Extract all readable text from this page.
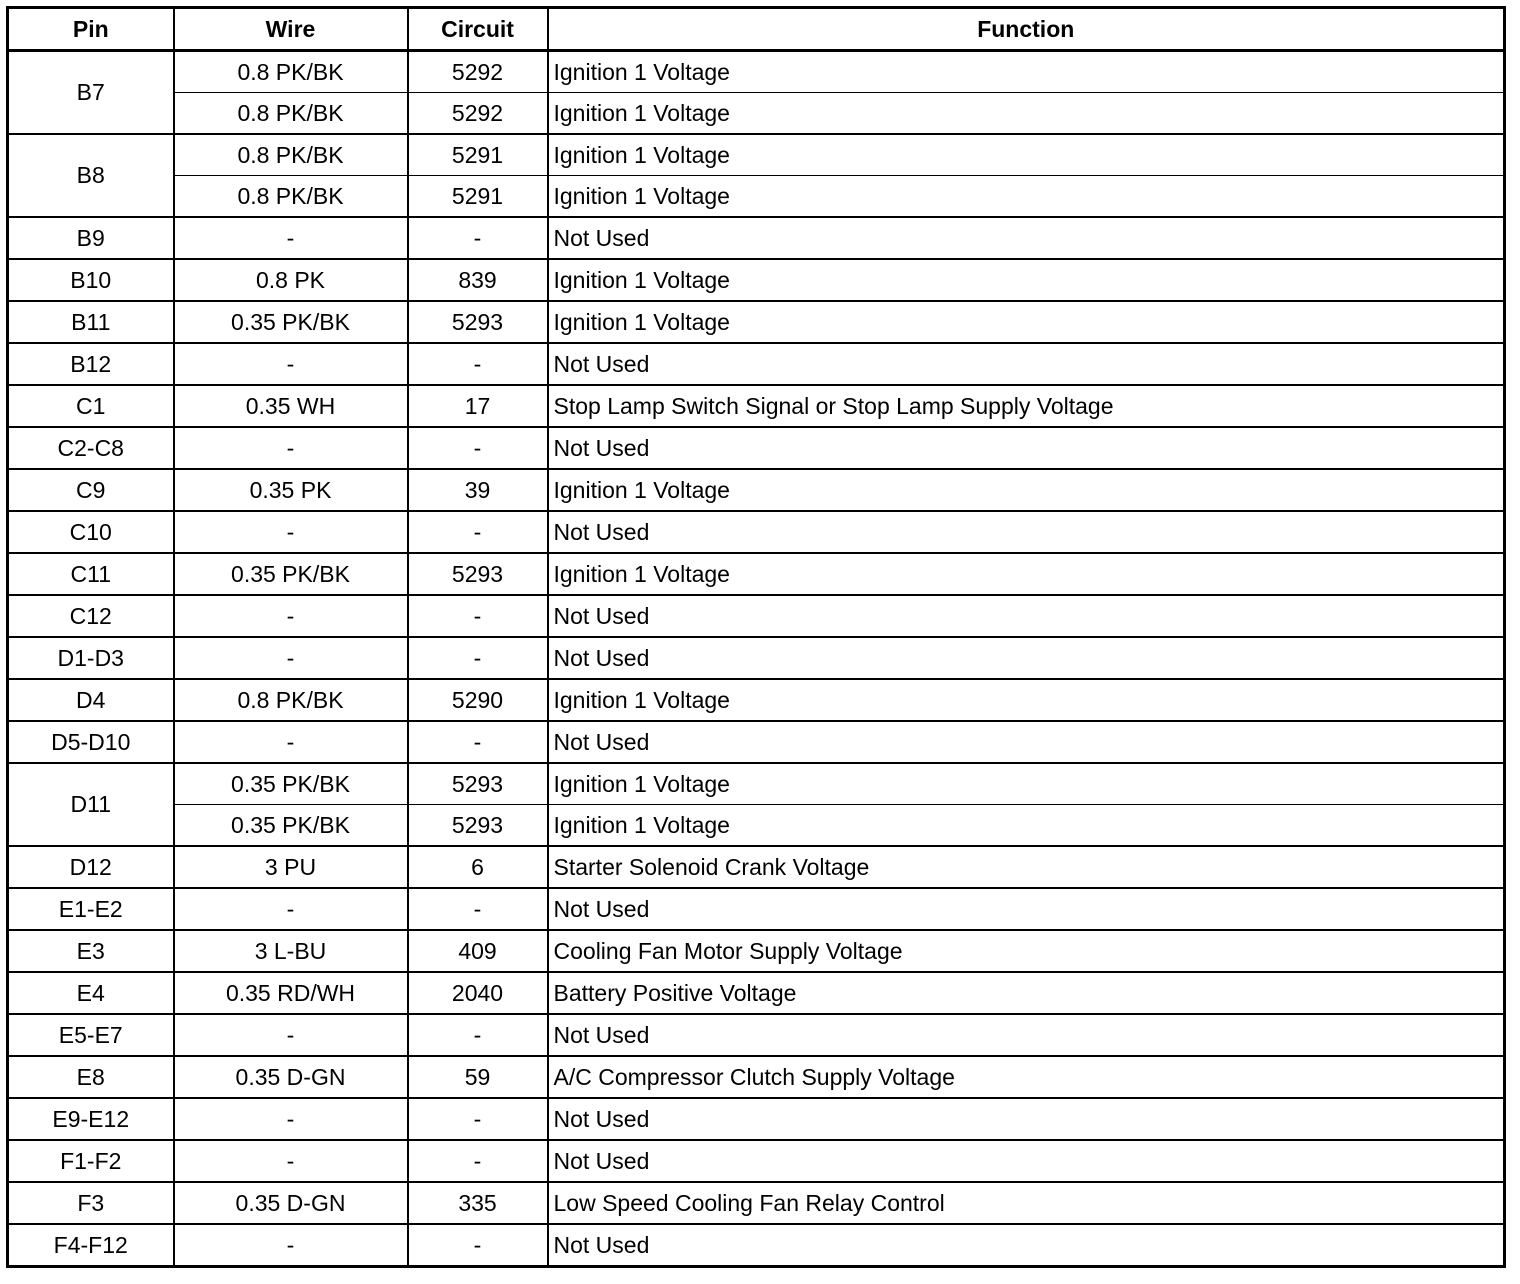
Pin	Wire	Circuit	Function
B7	0.8 PK/BK	5292	Ignition 1 Voltage
	0.8 PK/BK	5292	Ignition 1 Voltage
B8	0.8 PK/BK	5291	Ignition 1 Voltage
	0.8 PK/BK	5291	Ignition 1 Voltage
B9	-	-	Not Used
B10	0.8 PK	839	Ignition 1 Voltage
B11	0.35 PK/BK	5293	Ignition 1 Voltage
B12	-	-	Not Used
C1	0.35 WH	17	Stop Lamp Switch Signal or Stop Lamp Supply Voltage
C2-C8	-	-	Not Used
C9	0.35 PK	39	Ignition 1 Voltage
C10	-	-	Not Used
C11	0.35 PK/BK	5293	Ignition 1 Voltage
C12	-	-	Not Used
D1-D3	-	-	Not Used
D4	0.8 PK/BK	5290	Ignition 1 Voltage
D5-D10	-	-	Not Used
D11	0.35 PK/BK	5293	Ignition 1 Voltage
	0.35 PK/BK	5293	Ignition 1 Voltage
D12	3 PU	6	Starter Solenoid Crank Voltage
E1-E2	-	-	Not Used
E3	3 L-BU	409	Cooling Fan Motor Supply Voltage
E4	0.35 RD/WH	2040	Battery Positive Voltage
E5-E7	-	-	Not Used
E8	0.35 D-GN	59	A/C Compressor Clutch Supply Voltage
E9-E12	-	-	Not Used
F1-F2	-	-	Not Used
F3	0.35 D-GN	335	Low Speed Cooling Fan Relay Control
F4-F12	-	-	Not Used
